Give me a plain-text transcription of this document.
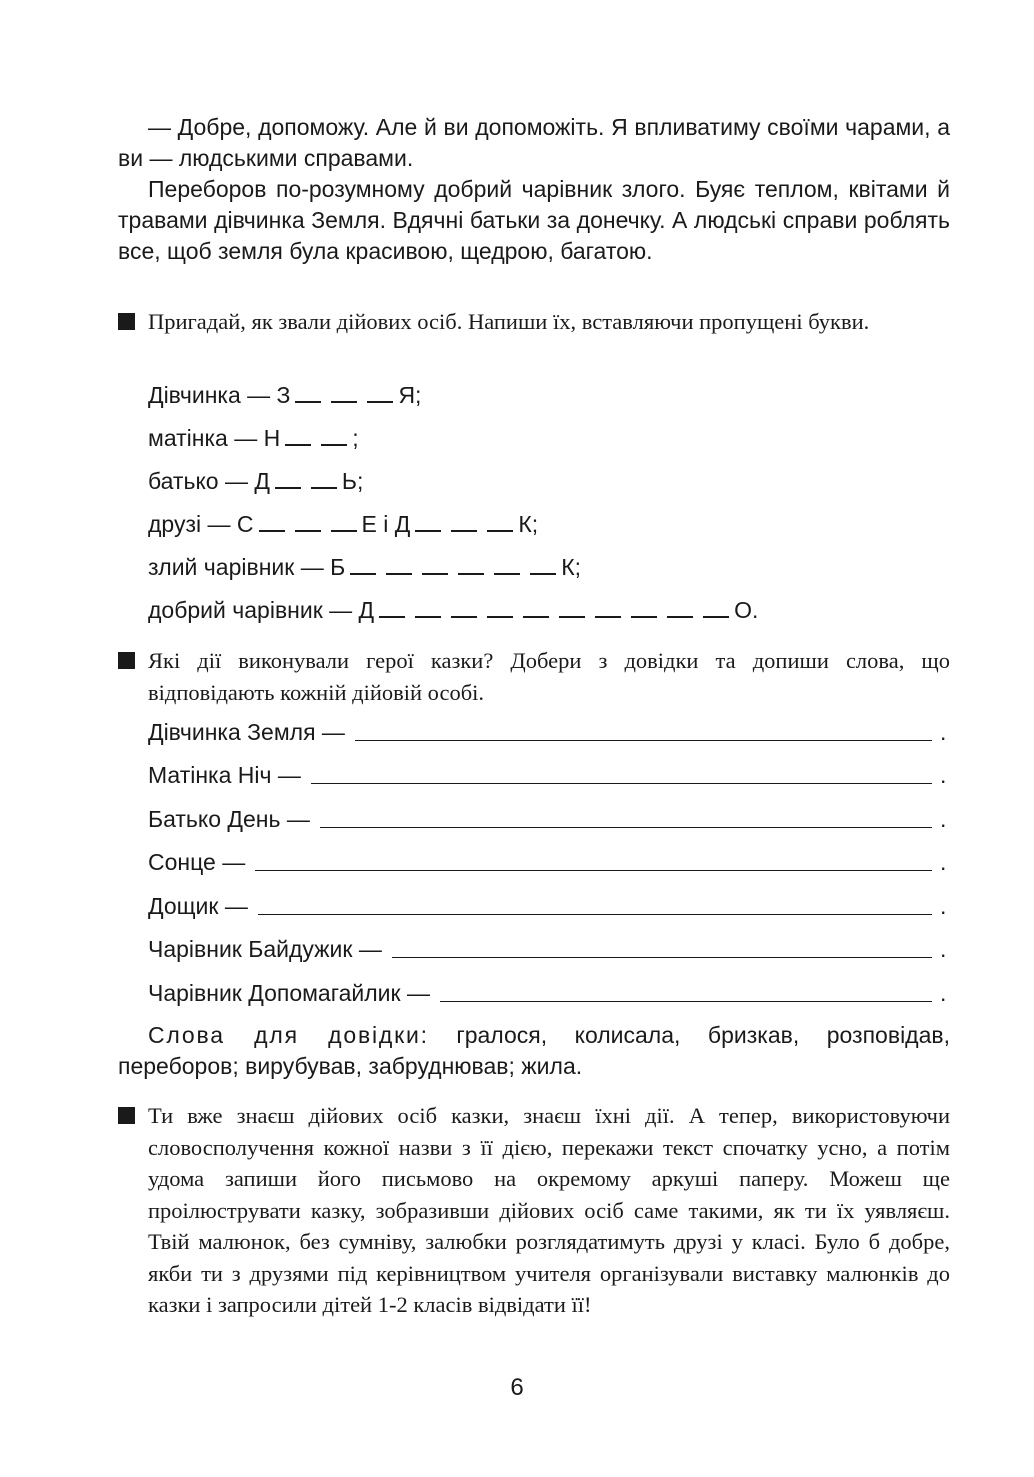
— Добре, допоможу. Але й ви допоможіть. Я впливатиму своїми чарами, а ви — людськими справами.

Переборов по-розумному добрий чарівник злого. Буяє теплом, квітами й травами дівчинка Земля. Вдячні батьки за донечку. А людські справи роблять все, щоб земля була красивою, щедрою, багатою.

Пригадай, як звали дійових осіб. Напиши їх, вставляючи пропущені букви.

Дівчинка — З	Я;
матінка — Н	;
батько — Д	Ь;
друзі — С	Е і Д	К;
злий чарівник — Б	К;
добрий чарівник — Д	О.

Які дії виконували герої казки? Добери з довідки та допиши слова, що відповідають кожній дійовій особі.

Дівчинка Земля —	.
Матінка Ніч —	.
Батько День —	.
Сонце —	.
Дощик —	.
Чарівник Байдужик —	.
Чарівник Допомагайлик —	.

Слова для довідки: гралося, колисала, бризкав, розповідав, переборов; вирубував, забруднював; жила.

Ти вже знаєш дійових осіб казки, знаєш їхні дії. А тепер, використовуючи словосполучення кожної назви з її дією, перекажи текст спочатку усно, а потім удома запиши його письмово на окремому аркуші паперу. Можеш ще проілюструвати казку, зобразивши дійових осіб саме такими, як ти їх уявляєш. Твій малюнок, без сумніву, залюбки розглядатимуть друзі у класі. Було б добре, якби ти з друзями під керівництвом учителя організували виставку малюнків до казки і запросили дітей 1-2 класів відвідати її!

6
